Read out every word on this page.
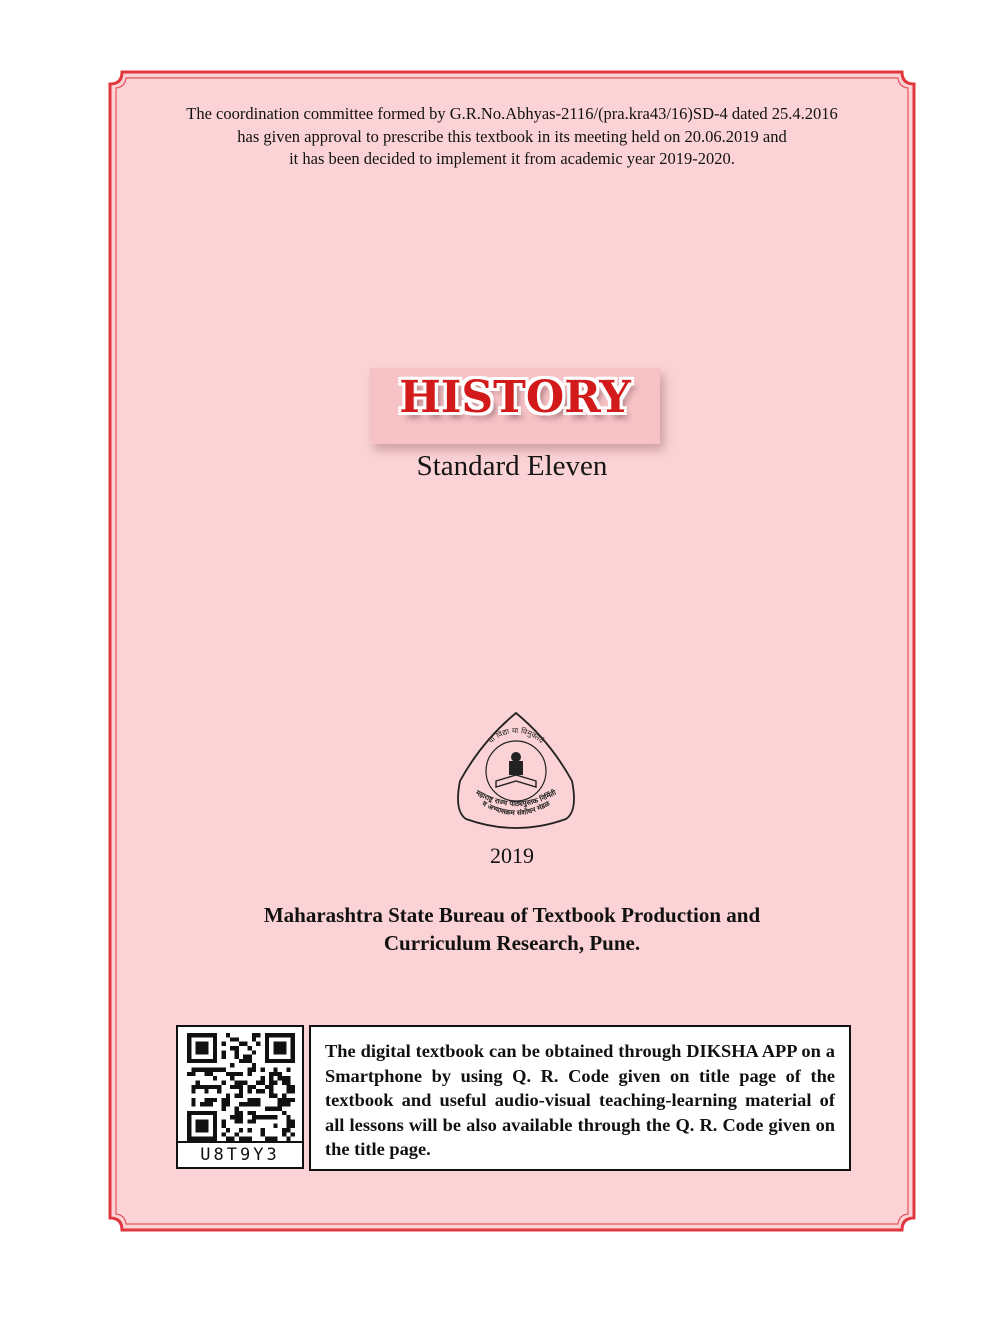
The coordination committee formed by G.R.No.Abhyas-2116/(pra.kra43/16)SD-4 dated 25.4.2016
has given approval to prescribe this textbook in its meeting held on 20.06.2019 and
it has been decided to implement it from academic year 2019-2020.
HISTORY
Standard Eleven
या विद्या या विमुक्तये
महाराष्ट्र राज्य पाठ्यपुस्तक निर्मिती
व अभ्यासक्रम संशोधन मंडळ
2019
Maharashtra State Bureau of Textbook Production and
Curriculum Research, Pune.
U8T9Y3
The digital textbook can be obtained through DIKSHA APP on a Smartphone by using Q. R. Code given on title page of the textbook and useful audio-visual teaching-learning material of all lessons will be also available through the Q. R. Code given on the title page.
